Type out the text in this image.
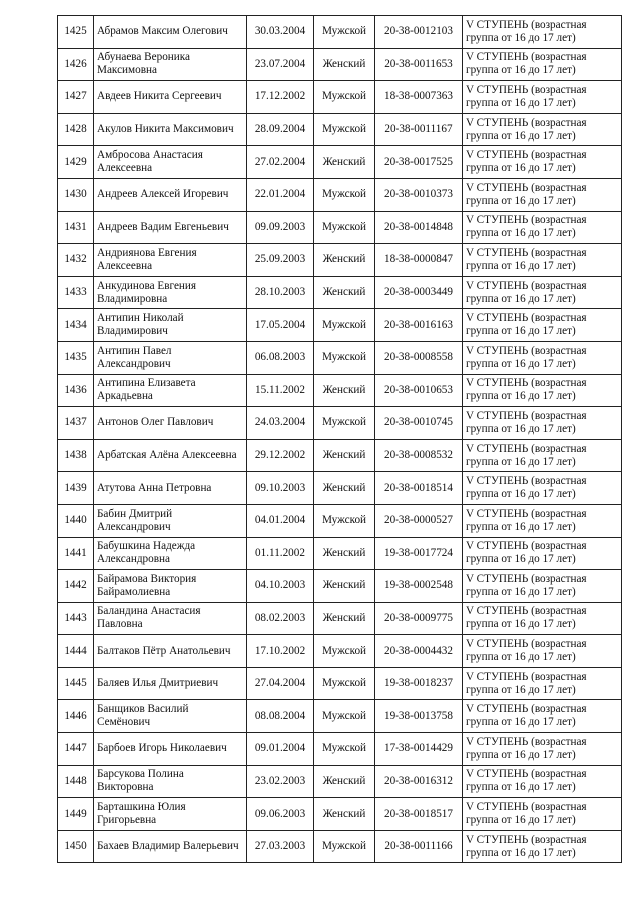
1425	Абрамов Максим Олегович	30.03.2004	Мужской	20-38-0012103	V СТУПЕНЬ (возрастная группа от 16 до 17 лет)
1426	Абунаева Вероника Максимовна	23.07.2004	Женский	20-38-0011653	V СТУПЕНЬ (возрастная группа от 16 до 17 лет)
1427	Авдеев Никита Сергеевич	17.12.2002	Мужской	18-38-0007363	V СТУПЕНЬ (возрастная группа от 16 до 17 лет)
1428	Акулов Никита Максимович	28.09.2004	Мужской	20-38-0011167	V СТУПЕНЬ (возрастная группа от 16 до 17 лет)
1429	Амбросова Анастасия Алексеевна	27.02.2004	Женский	20-38-0017525	V СТУПЕНЬ (возрастная группа от 16 до 17 лет)
1430	Андреев Алексей Игоревич	22.01.2004	Мужской	20-38-0010373	V СТУПЕНЬ (возрастная группа от 16 до 17 лет)
1431	Андреев Вадим Евгеньевич	09.09.2003	Мужской	20-38-0014848	V СТУПЕНЬ (возрастная группа от 16 до 17 лет)
1432	Андриянова Евгения Алексеевна	25.09.2003	Женский	18-38-0000847	V СТУПЕНЬ (возрастная группа от 16 до 17 лет)
1433	Анкудинова Евгения Владимировна	28.10.2003	Женский	20-38-0003449	V СТУПЕНЬ (возрастная группа от 16 до 17 лет)
1434	Антипин Николай Владимирович	17.05.2004	Мужской	20-38-0016163	V СТУПЕНЬ (возрастная группа от 16 до 17 лет)
1435	Антипин Павел Александрович	06.08.2003	Мужской	20-38-0008558	V СТУПЕНЬ (возрастная группа от 16 до 17 лет)
1436	Антипина Елизавета Аркадьевна	15.11.2002	Женский	20-38-0010653	V СТУПЕНЬ (возрастная группа от 16 до 17 лет)
1437	Антонов Олег Павлович	24.03.2004	Мужской	20-38-0010745	V СТУПЕНЬ (возрастная группа от 16 до 17 лет)
1438	Арбатская Алёна Алексеевна	29.12.2002	Женский	20-38-0008532	V СТУПЕНЬ (возрастная группа от 16 до 17 лет)
1439	Атутова Анна Петровна	09.10.2003	Женский	20-38-0018514	V СТУПЕНЬ (возрастная группа от 16 до 17 лет)
1440	Бабин Дмитрий Александрович	04.01.2004	Мужской	20-38-0000527	V СТУПЕНЬ (возрастная группа от 16 до 17 лет)
1441	Бабушкина Надежда Александровна	01.11.2002	Женский	19-38-0017724	V СТУПЕНЬ (возрастная группа от 16 до 17 лет)
1442	Байрамова Виктория Байрамолиевна	04.10.2003	Женский	19-38-0002548	V СТУПЕНЬ (возрастная группа от 16 до 17 лет)
1443	Баландина Анастасия Павловна	08.02.2003	Женский	20-38-0009775	V СТУПЕНЬ (возрастная группа от 16 до 17 лет)
1444	Балтаков Пётр Анатольевич	17.10.2002	Мужской	20-38-0004432	V СТУПЕНЬ (возрастная группа от 16 до 17 лет)
1445	Баляев Илья Дмитриевич	27.04.2004	Мужской	19-38-0018237	V СТУПЕНЬ (возрастная группа от 16 до 17 лет)
1446	Банщиков Василий Семёнович	08.08.2004	Мужской	19-38-0013758	V СТУПЕНЬ (возрастная группа от 16 до 17 лет)
1447	Барбоев Игорь Николаевич	09.01.2004	Мужской	17-38-0014429	V СТУПЕНЬ (возрастная группа от 16 до 17 лет)
1448	Барсукова Полина Викторовна	23.02.2003	Женский	20-38-0016312	V СТУПЕНЬ (возрастная группа от 16 до 17 лет)
1449	Барташкина Юлия Григорьевна	09.06.2003	Женский	20-38-0018517	V СТУПЕНЬ (возрастная группа от 16 до 17 лет)
1450	Бахаев Владимир Валерьевич	27.03.2003	Мужской	20-38-0011166	V СТУПЕНЬ (возрастная группа от 16 до 17 лет)
